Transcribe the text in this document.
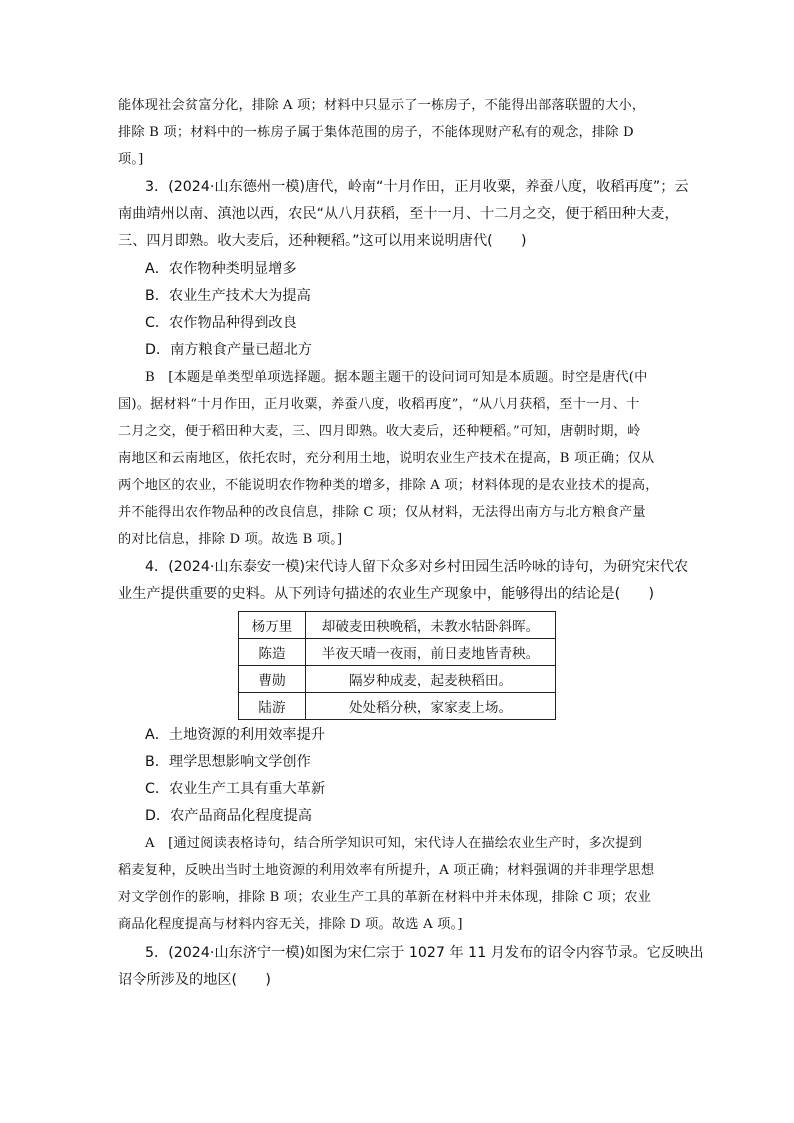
能体现社会贫富分化，排除 A 项；材料中只显示了一栋房子，不能得出部落联盟的大小，
排除 B 项；材料中的一栋房子属于集体范围的房子，不能体现财产私有的观念，排除 D
项。]
3．(2024·山东德州一模)唐代，岭南“十月作田，正月收粟，养蚕八度，收稻再度”；云
南曲靖州以南、滇池以西，农民“从八月获稻，至十一月、十二月之交，便于稻田种大麦，
三、四月即熟。收大麦后，还种粳稻。”这可以用来说明唐代(　　)
A．农作物种类明显增多
B．农业生产技术大为提高
C．农作物品种得到改良
D．南方粮食产量已超北方
B　[本题是单类型单项选择题。据本题主题干的设问词可知是本质题。时空是唐代(中
国)。据材料“十月作田，正月收粟，养蚕八度，收稻再度”，“从八月获稻，至十一月、十
二月之交，便于稻田种大麦，三、四月即熟。收大麦后，还种粳稻。”可知，唐朝时期，岭
南地区和云南地区，依托农时，充分利用土地，说明农业生产技术在提高，B 项正确；仅从
两个地区的农业，不能说明农作物种类的增多，排除 A 项；材料体现的是农业技术的提高，
并不能得出农作物品种的改良信息，排除 C 项；仅从材料，无法得出南方与北方粮食产量
的对比信息，排除 D 项。故选 B 项。]
4．(2024·山东泰安一模)宋代诗人留下众多对乡村田园生活吟咏的诗句，为研究宋代农
业生产提供重要的史料。从下列诗句描述的农业生产现象中，能够得出的结论是(　　)
杨万里	却破麦田秧晚稻，未教水牯卧斜晖。
陈造	半夜天晴一夜雨，前日麦地皆青秧。
曹勋	隔岁种成麦，起麦秧稻田。
陆游	处处稻分秧，家家麦上场。
A．土地资源的利用效率提升
B．理学思想影响文学创作
C．农业生产工具有重大革新
D．农产品商品化程度提高
A　[通过阅读表格诗句，结合所学知识可知，宋代诗人在描绘农业生产时，多次提到
稻麦复种，反映出当时土地资源的利用效率有所提升，A 项正确；材料强调的并非理学思想
对文学创作的影响，排除 B 项；农业生产工具的革新在材料中并未体现，排除 C 项；农业
商品化程度提高与材料内容无关，排除 D 项。故选 A 项。]
5．(2024·山东济宁一模)如图为宋仁宗于 1027 年 11 月发布的诏令内容节录。它反映出
诏令所涉及的地区(　　)
